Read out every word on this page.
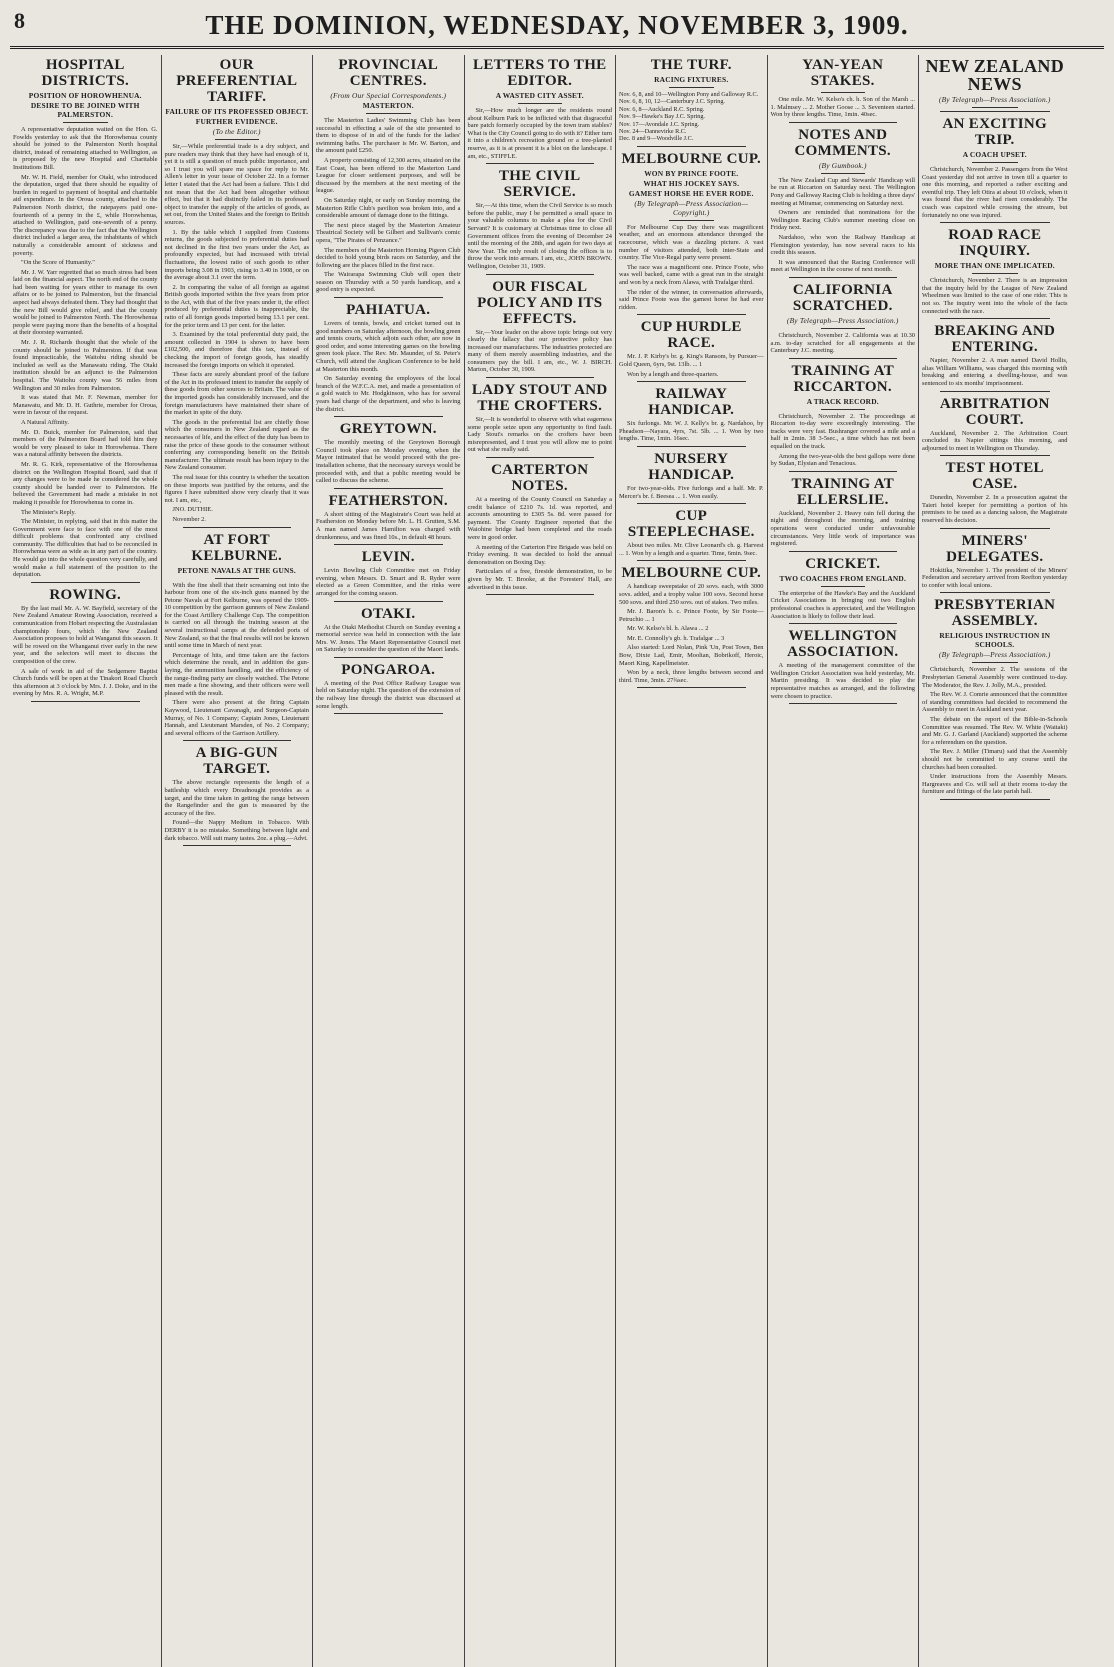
8	THE DOMINION, WEDNESDAY, NOVEMBER 3, 1909.
HOSPITAL DISTRICTS.
POSITION OF HOROWHENUA.
DESIRE TO BE JOINED WITH PALMERSTON.

A representative deputation waited on the Hon. G. Fowlds yesterday to ask that the Horowhenua county should be joined to the Palmerston North hospital district, instead of remaining attached to Wellington, as is proposed by the new Hospital and Charitable Institutions Bill.

Mr. W. H. Field, member for Otaki, who introduced the deputation, urged that there should be equality of burden in regard to payment of hospital and charitable aid expenditure. In the Oroua county, attached to the Palmerston North district, the ratepayers paid one-fourteenth of a penny in the £, while Horowhenua, attached to Wellington, paid one-seventh of a penny. The discrepancy was due to the fact that the Wellington district included a larger area, the inhabitants of which naturally a considerable amount of sickness and poverty.

"On the Score of Humanity."

Mr. J. W. Yarr regretted that so much stress had been laid on the financial aspect. The north end of the county had been waiting for years either to manage its own affairs or to be joined to Palmerston, but the financial aspect had always defeated them. They had thought that the new Bill would give relief, and that the county would be joined to Palmerston North. The Horowhenua people were paying more than the benefits of a hospital at their doorstep warranted.

Mr. J. R. Richards thought that the whole of the county should be joined to Palmerston. If that was found impracticable, the Waitohu riding should be included as well as the Manawatu riding. The Otaki institution should be an adjunct to the Palmerston hospital. The Waitohu county was 56 miles from Wellington and 30 miles from Palmerston.

It was stated that Mr. F. Newman, member for Manawatu, and Mr. D. H. Guthrie, member for Oroua, were in favour of the request.

A Natural Affinity.

Mr. D. Buick, member for Palmerston, said that members of the Palmerston Board had told him they would be very pleased to take in Horowhenua. There was a natural affinity between the districts.

Mr. R. G. Kirk, representative of the Horowhenua district on the Wellington Hospital Board, said that if any changes were to be made he considered the whole county should be handed over to Palmerston. He believed the Government had made a mistake in not making it possible for Horowhenua to come in.

The Minister's Reply.

The Minister, in replying, said that in this matter the Government were face to face with one of the most difficult problems that confronted any civilised community. The difficulties that had to be reconciled in Horowhenua were as wide as in any part of the country. He would go into the whole question very carefully, and would make a full statement of the position to the deputation.

ROWING.

By the last mail Mr. A. W. Bayfield, secretary of the New Zealand Amateur Rowing Association, received a communication from Hobart respecting the Australasian championship fours, which the New Zealand Association proposes to hold at Wanganui this season. It will be rowed on the Whanganui river early in the new year, and the selectors will meet to discuss the composition of the crew.

A sale of work in aid of the Sedgemere Baptist Church funds will be open at the Tinakori Road Church this afternoon at 3 o'clock by Mrs. J. J. Doke, and in the evening by Mrs. R. A. Wright, M.P.

OUR PREFERENTIAL TARIFF.
FAILURE OF ITS PROFESSED OBJECT.
FURTHER EVIDENCE.
(To the Editor.)

Sir,—While preferential trade is a dry subject, and pure readers may think that they have had enough of it, yet it is still a question of much public importance, and so I trust you will spare me space for reply to Mr. Allen's letter in your issue of October 22. In a former letter I stated that the Act had been a failure. This I did not mean that the Act had been altogether without effect, but that it had distinctly failed in its professed object to transfer the supply of the articles of goods, as set out, from the United States and the foreign to British sources.

1. By the table which I supplied from Customs returns, the goods subjected to preferential duties had not declined in the first two years under the Act, as profoundly expected, but had increased with trivial fluctuations, the lowest ratio of such goods to other imports being 3.08 in 1903, rising to 3.40 in 1908, or on the average about 3.1 over the term.

2. In comparing the value of all foreign as against British goods imported within the five years from prior to the Act, with that of the five years under it, the effect produced by preferential duties is inappreciable, the ratio of all foreign goods imported being 13.1 per cent. for the prior term and 13 per cent. for the latter.

3. Examined by the total preferential duty paid, the amount collected in 1904 is shown to have been £102,500, and therefore that this tax, instead of checking the import of foreign goods, has steadily increased the foreign imports on which it operated.

These facts are surely abundant proof of the failure of the Act in its professed intent to transfer the supply of these goods from other sources to Britain. The value of the imported goods has considerably increased, and the foreign manufacturers have maintained their share of the market in spite of the duty.

The goods in the preferential list are chiefly those which the consumers in New Zealand regard as the necessaries of life, and the effect of the duty has been to raise the price of these goods to the consumer without conferring any corresponding benefit on the British manufacturer. The ultimate result has been injury to the New Zealand consumer.

The real issue for this country is whether the taxation on these imports was justified by the returns, and the figures I have submitted show very clearly that it was not. I am, etc.,

JNO. DUTHIE.

November 2.

AT FORT KELBURNE.
PETONE NAVALS AT THE GUNS.

With the fine shell that their screaming out into the harbour from one of the six-inch guns manned by the Petone Navals at Fort Kelburne, was opened the 1909-10 competition by the garrison gunners of New Zealand for the Coast Artillery Challenge Cup. The competition is carried on all through the training season at the several instructional camps at the defended ports of New Zealand, so that the final results will not be known until some time in March of next year.

Percentage of hits, and time taken are the factors which determine the result, and in addition the gun-laying, the ammunition handling, and the efficiency of the range-finding party are closely watched. The Petone men made a fine showing, and their officers were well pleased with the result.

There were also present at the firing Captain Kaywood, Lieutenant Cavanagh, and Surgeon-Captain Murray, of No. 1 Company; Captain Jones, Lieutenant Hannah, and Lieutenant Marsden, of No. 2 Company; and several officers of the Garrison Artillery.

A BIG-GUN TARGET.

The above rectangle represents the length of a battleship which every Dreadnought provides as a target, and the time taken in getting the range between the Rangefinder and the gun is measured by the accuracy of the fire.

Found—the Nappy Medium in Tobacco. With DERBY it is no mistake. Something between light and dark tobacco. Will suit many tastes. 2oz. a plug.—Advt.

PROVINCIAL CENTRES.
(From Our Special Correspondents.)
MASTERTON.

The Masterton Ladies' Swimming Club has been successful in effecting a sale of the site presented to them to dispose of in aid of the funds for the ladies' swimming baths. The purchaser is Mr. W. Barton, and the amount paid £250.

A property consisting of 12,300 acres, situated on the East Coast, has been offered to the Masterton Land League for closer settlement purposes, and will be discussed by the members at the next meeting of the league.

On Saturday night, or early on Sunday morning, the Masterton Rifle Club's pavilion was broken into, and a considerable amount of damage done to the fittings.

The next piece staged by the Masterton Amateur Theatrical Society will be Gilbert and Sullivan's comic opera, "The Pirates of Penzance."

The members of the Masterton Homing Pigeon Club decided to hold young birds races on Saturday, and the following are the places filled in the first race.

The Wairarapa Swimming Club will open their season on Thursday with a 50 yards handicap, and a good entry is expected.

PAHIATUA.

Lovers of tennis, bowls, and cricket turned out in good numbers on Saturday afternoon, the bowling green and tennis courts, which adjoin each other, are now in good order, and some interesting games on the bowling green took place. The Rev. Mr. Maunder, of St. Peter's Church, will attend the Anglican Conference to be held at Masterton this month.

On Saturday evening the employees of the local branch of the W.F.C.A. met, and made a presentation of a gold watch to Mr. Hodgkinson, who has for several years had charge of the department, and who is leaving the district.

GREYTOWN.

The monthly meeting of the Greytown Borough Council took place on Monday evening, when the Mayor intimated that he would proceed with the pre-installation scheme, that the necessary surveys would be proceeded with, and that a public meeting would be called to discuss the scheme.

FEATHERSTON.

A short sitting of the Magistrate's Court was held at Featherston on Monday before Mr. L. H. Grutten, S.M. A man named James Hamilton was charged with drunkenness, and was fined 10s., in default 48 hours.

LEVIN.

Levin Bowling Club Committee met on Friday evening, when Messrs. D. Smart and R. Ryder were elected as a Green Committee, and the rinks were arranged for the coming season.

OTAKI.

At the Otaki Methodist Church on Sunday evening a memorial service was held in connection with the late Mrs. W. Jones. The Maori Representative Council met on Saturday to consider the question of the Maori lands.

PONGAROA.

A meeting of the Post Office Railway League was held on Saturday night. The question of the extension of the railway line through the district was discussed at some length.

LETTERS TO THE EDITOR.
A WASTED CITY ASSET.

Sir,—How much longer are the residents round about Kelburn Park to be inflicted with that disgraceful bare patch formerly occupied by the town tram stables? What is the City Council going to do with it? Either turn it into a children's recreation ground or a tree-planted reserve, as it is at present it is a blot on the landscape. I am, etc., STIFFLE.

THE CIVIL SERVICE.

Sir,—At this time, when the Civil Service is so much before the public, may I be permitted a small space in your valuable columns to make a plea for the Civil Servant? It is customary at Christmas time to close all Government offices from the evening of December 24 until the morning of the 28th, and again for two days at New Year. The only result of closing the offices is to throw the work into arrears. I am, etc., JOHN BROWN. Wellington, October 31, 1909.

OUR FISCAL POLICY AND ITS EFFECTS.

Sir,—Your leader on the above topic brings out very clearly the fallacy that our protective policy has increased our manufactures. The industries protected are many of them merely assembling industries, and the consumers pay the bill. I am, etc., W. J. BIRCH. Marton, October 30, 1909.

LADY STOUT AND THE CROFTERS.

Sir,—It is wonderful to observe with what eagerness some people seize upon any opportunity to find fault. Lady Stout's remarks on the crofters have been misrepresented, and I trust you will allow me to point out what she really said.

CARTERTON NOTES.

At a meeting of the County Council on Saturday a credit balance of £210 7s. 1d. was reported, and accounts amounting to £305 5s. 8d. were passed for payment. The County Engineer reported that the Waiohine bridge had been completed and the roads were in good order.

A meeting of the Carterton Fire Brigade was held on Friday evening. It was decided to hold the annual demonstration on Boxing Day.

Particulars of a free, fireside demonstration, to be given by Mr. T. Brooke, at the Foresters' Hall, are advertised in this issue.

THE TURF.
RACING FIXTURES.
Nov. 6, 8, and 10—Wellington Pony and Galloway R.C.
Nov. 6, 8, 10, 12—Canterbury J.C. Spring.
Nov. 6, 8—Auckland R.C. Spring.
Nov. 9—Hawke's Bay J.C. Spring.
Nov. 17—Avondale J.C. Spring.
Nov. 24—Dannevirke R.C.
Dec. 8 and 9—Woodville J.C.
MELBOURNE CUP.
WON BY PRINCE FOOTE.
WHAT HIS JOCKEY SAYS.
GAMEST HORSE HE EVER RODE.
(By Telegraph—Press Association—Copyright.)

For Melbourne Cup Day there was magnificent weather, and an enormous attendance thronged the racecourse, which was a dazzling picture. A vast number of visitors attended, both inter-State and country. The Vice-Regal party were present.

The race was a magnificent one. Prince Foote, who was well backed, came with a great run in the straight and won by a neck from Alawa, with Trafalgar third.

The rider of the winner, in conversation afterwards, said Prince Foote was the gamest horse he had ever ridden.

CUP HURDLE RACE.

Mr. J. P. Kirby's br. g. King's Ransom, by Pursuer—Gold Queen, 6yrs, 9st. 13lb. ... 1

Won by a length and three-quarters.

RAILWAY HANDICAP.

Six furlongs. Mr. W. J. Kelly's br. g. Nardahoo, by Pheadson—Nayara, 4yrs, 7st. 5lb. ... 1. Won by two lengths. Time, 1min. 16sec.

NURSERY HANDICAP.

For two-year-olds. Five furlongs and a half. Mr. P. Mercer's br. f. Beesea ... 1. Won easily.

CUP STEEPLECHASE.

About two miles. Mr. Clive Leonard's ch. g. Harvest ... 1. Won by a length and a quarter. Time, 6min. 9sec.

MELBOURNE CUP.

A handicap sweepstake of 20 sovs. each, with 3000 sovs. added, and a trophy value 100 sovs. Second horse 500 sovs. and third 250 sovs. out of stakes. Two miles.

Mr. J. Baron's b. c. Prince Foote, by Sir Foote—Petruchio ... 1

Mr. W. Kelso's bl. h. Alawa ... 2

Mr. E. Connolly's gb. h. Trafalgar ... 3

Also started: Lord Nolan, Pink 'Un, Post Town, Ben Bow, Dixie Lad, Emir, Mooltan, Bobrikoff, Heroic, Maori King, Kapellmeister.

Won by a neck, three lengths between second and third. Time, 3min. 27¾sec.

YAN-YEAN STAKES.

One mile. Mr. W. Kelso's ch. h. Son of the Marsh ... 1. Malmsey ... 2. Mother Goose ... 3. Seventeen started. Won by three lengths. Time, 1min. 40sec.

NOTES AND COMMENTS.
(By Gumbook.)

The New Zealand Cup and Stewards' Handicap will be run at Riccarton on Saturday next. The Wellington Pony and Galloway Racing Club is holding a three days' meeting at Miramar, commencing on Saturday next.

Owners are reminded that nominations for the Wellington Racing Club's summer meeting close on Friday next.

Nardahoo, who won the Railway Handicap at Flemington yesterday, has now several races to his credit this season.

It was announced that the Racing Conference will meet at Wellington in the course of next month.

CALIFORNIA SCRATCHED.
(By Telegraph—Press Association.)

Christchurch, November 2. California was at 10.30 a.m. to-day scratched for all engagements at the Canterbury J.C. meeting.

TRAINING AT RICCARTON.
A TRACK RECORD.

Christchurch, November 2. The proceedings at Riccarton to-day were exceedingly interesting. The tracks were very fast. Bushranger covered a mile and a half in 2min. 38 3-5sec., a time which has not been equalled on the track.

Among the two-year-olds the best gallops were done by Sudan, Elysian and Tenacious.

TRAINING AT ELLERSLIE.

Auckland, November 2. Heavy rain fell during the night and throughout the morning, and training operations were conducted under unfavourable circumstances. Very little work of importance was registered.

CRICKET.
TWO COACHES FROM ENGLAND.

The enterprise of the Hawke's Bay and the Auckland Cricket Associations in bringing out two English professional coaches is appreciated, and the Wellington Association is likely to follow their lead.

WELLINGTON ASSOCIATION.

A meeting of the management committee of the Wellington Cricket Association was held yesterday, Mr. Martin presiding. It was decided to play the representative matches as arranged, and the following were chosen to practice.

NEW ZEALAND NEWS
(By Telegraph—Press Association.)
AN EXCITING TRIP.
A COACH UPSET.

Christchurch, November 2. Passengers from the West Coast yesterday did not arrive in town till a quarter to one this morning, and reported a rather exciting and eventful trip. They left Otira at about 10 o'clock, when it was found that the river had risen considerably. The coach was capsized while crossing the stream, but fortunately no one was injured.

ROAD RACE INQUIRY.
MORE THAN ONE IMPLICATED.

Christchurch, November 2. There is an impression that the inquiry held by the League of New Zealand Wheelmen was limited to the case of one rider. This is not so. The inquiry went into the whole of the facts connected with the race.

BREAKING AND ENTERING.

Napier, November 2. A man named David Hollis, alias William Williams, was charged this morning with breaking and entering a dwelling-house, and was sentenced to six months' imprisonment.

ARBITRATION COURT.

Auckland, November 2. The Arbitration Court concluded its Napier sittings this morning, and adjourned to meet in Wellington on Thursday.

TEST HOTEL CASE.

Dunedin, November 2. In a prosecution against the Taieri hotel keeper for permitting a portion of his premises to be used as a dancing saloon, the Magistrate reserved his decision.

MINERS' DELEGATES.

Hokitika, November 1. The president of the Miners' Federation and secretary arrived from Reefton yesterday to confer with local unions.

PRESBYTERIAN ASSEMBLY.
RELIGIOUS INSTRUCTION IN SCHOOLS.
(By Telegraph—Press Association.)

Christchurch, November 2. The sessions of the Presbyterian General Assembly were continued to-day. The Moderator, the Rev. J. Jolly, M.A., presided.

The Rev. W. J. Comrie announced that the committee of standing committees had decided to recommend the Assembly to meet in Auckland next year.

The debate on the report of the Bible-in-Schools Committee was resumed. The Rev. W. White (Waitaki) and Mr. G. J. Garland (Auckland) supported the scheme for a referendum on the question.

The Rev. J. Miller (Timaru) said that the Assembly should not be committed to any course until the churches had been consulted.

Under instructions from the Assembly Messrs. Hargreaves and Co. will sell at their rooms to-day the furniture and fittings of the late parish hall.
